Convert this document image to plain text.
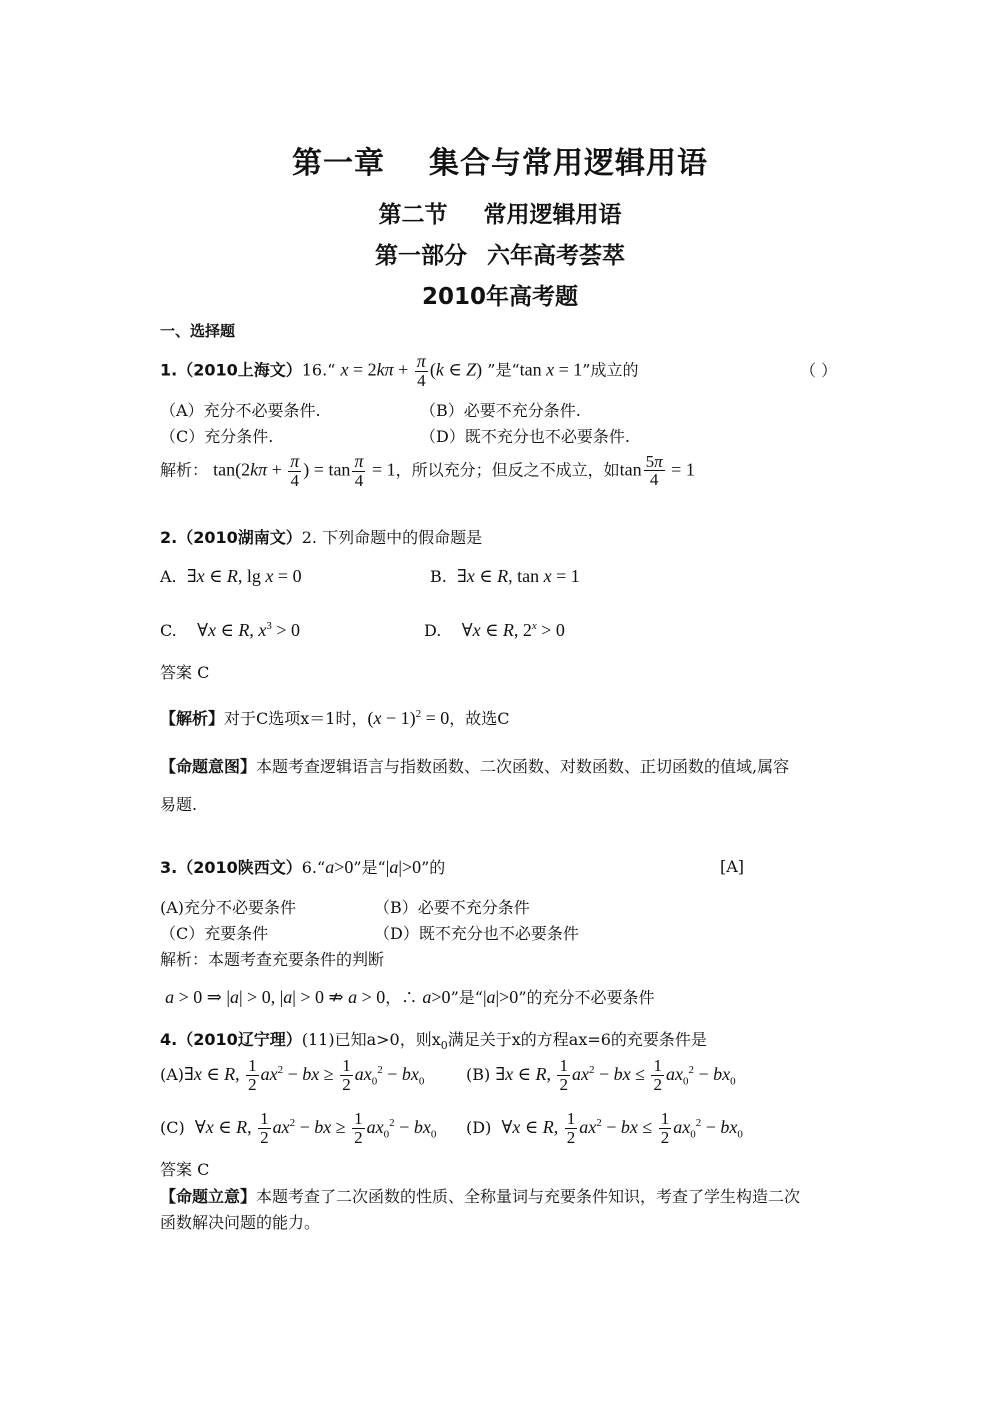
第一章 集合与常用逻辑用语
第二节 常用逻辑用语
第一部分 六年高考荟萃
2010年高考题
一、选择题
1.（2010上海文）16.“ $x = 2k\pi + \frac{\pi}{4} (k$ ∈ Z) ”是“tan x = 1”成立的	（ ）
（A）充分不必要条件.	（B）必要不充分条件.
（C）充分条件.	（D）既不充分也不必要条件.
解析： $\tan(2k\pi + \frac{\pi}{4}$ ) = $\tan \frac{\pi}{4} = 1$，所以充分；但反之不成立，如$\tan \frac{5\pi}{4} = 1$
2.（2010湖南文）2. 下列命题中的假命题是
A. ∃x ∈ R, lg x = 0	B. ∃x ∈ R, tan x = 1
C. ∀x ∈ R, $x^3 > 0$	D. ∀x ∈ R, $2^x > 0$
答案 C
【解析】对于C选项x＝1时，$(x - 1)^2 = 0$，故选C
【命题意图】本题考查逻辑语言与指数函数、二次函数、对数函数、正切函数的值域,属容
易题.
3.（2010陕西文）6.“a>0”是“|a|>0”的	[A]
(A)充分不必要条件	（B）必要不充分条件
（C）充要条件	（D）既不充分也不必要条件
解析：本题考查充要条件的判断
a > 0 ⇒ |a| > 0, |a| > 0 ⇏ a > 0，∴ a>0”是“|a|>0”的充分不必要条件
4.（2010辽宁理）(11)已知a>0，则$x_0$满足关于x的方程ax=6的充要条件是
(A)∃x ∈ R, $\frac{1}{2} ax^2$ − bx ≥ $\frac{1}{2} ax_0^2 - bx_0$	(B) ∃x ∈ R, $\frac{1}{2} ax^2$ − bx ≤ $\frac{1}{2} ax_0^2 - bx_0$
(C) ∀x ∈ R, $\frac{1}{2} ax^2$ − bx ≥ $\frac{1}{2} ax_0^2 - bx_0$ (D) ∀x ∈ R, $\frac{1}{2} ax^2$ − bx ≤ $\frac{1}{2} ax_0^2 - bx_0$
答案 C
【命题立意】本题考查了二次函数的性质、全称量词与充要条件知识，考查了学生构造二次
函数解决问题的能力。
